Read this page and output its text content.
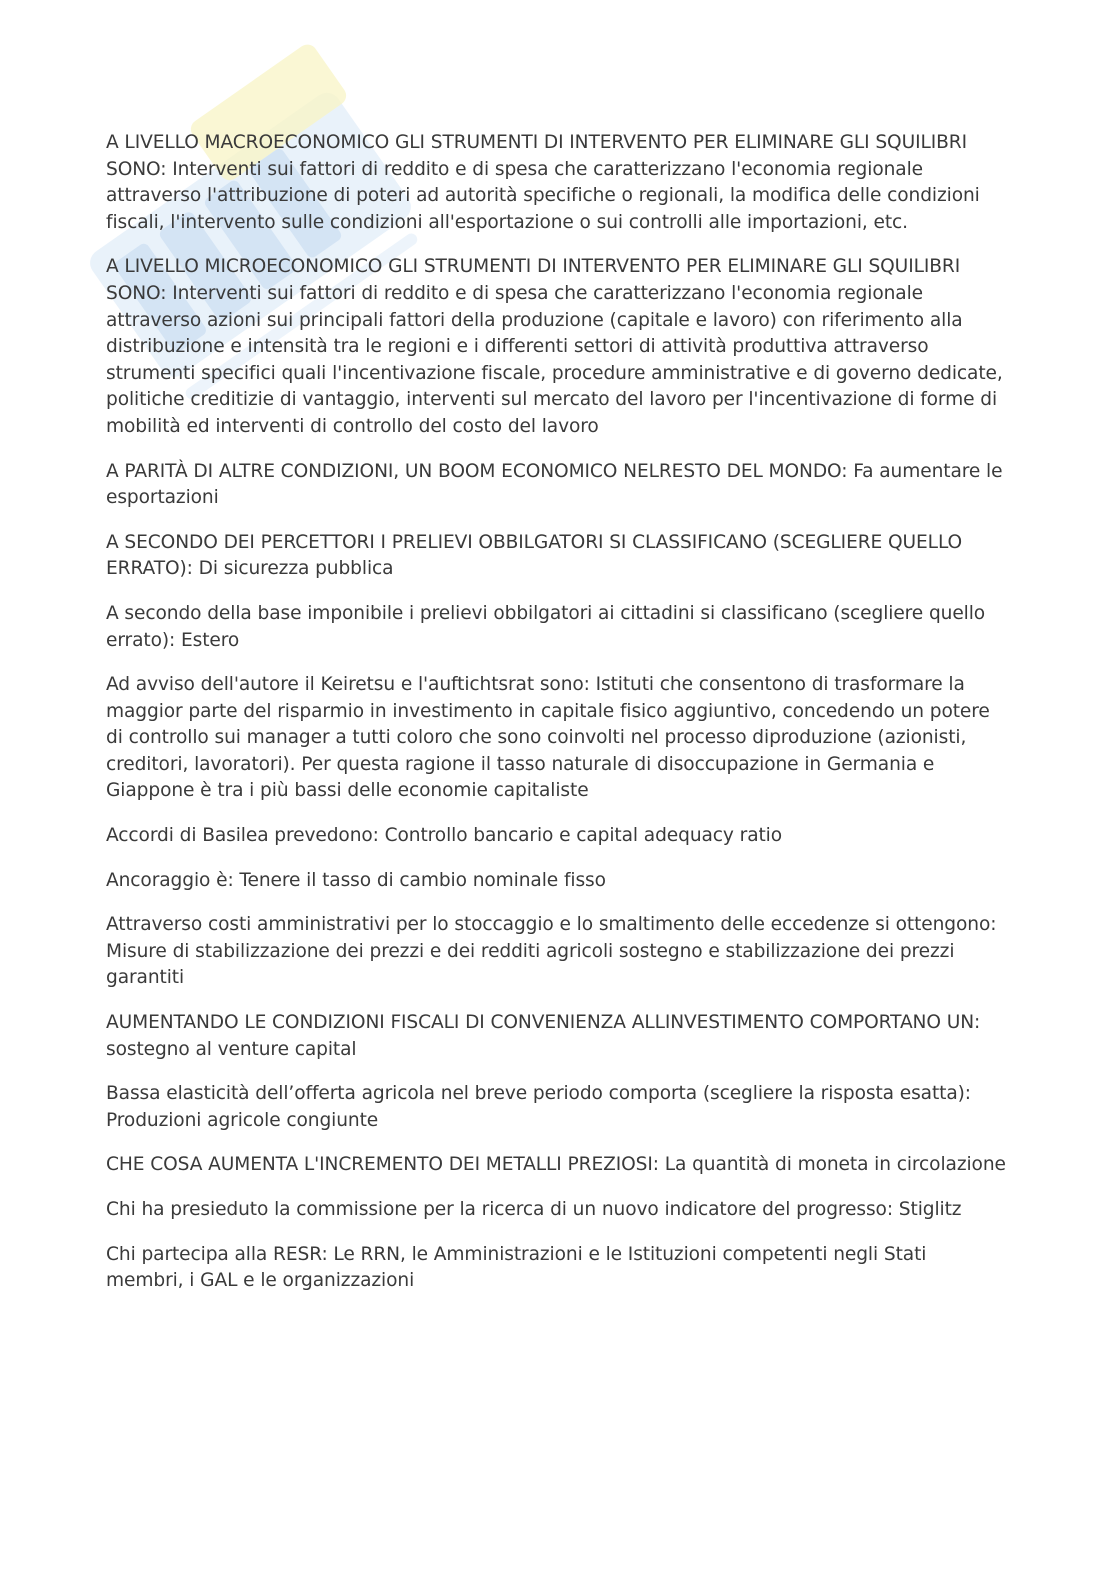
A LIVELLO MACROECONOMICO GLI STRUMENTI DI INTERVENTO PER ELIMINARE GLI SQUILIBRI SONO: Interventi sui fattori di reddito e di spesa che caratterizzano l'economia regionale attraverso l'attribuzione di poteri ad autorità specifiche o regionali, la modifica delle condizioni fiscali, l'intervento sulle condizioni all'esportazione o sui controlli alle importazioni, etc.

A LIVELLO MICROECONOMICO GLI STRUMENTI DI INTERVENTO PER ELIMINARE GLI SQUILIBRI SONO: Interventi sui fattori di reddito e di spesa che caratterizzano l'economia regionale attraverso azioni sui principali fattori della produzione (capitale e lavoro) con riferimento alla distribuzione e intensità tra le regioni e i differenti settori di attività produttiva attraverso strumenti specifici quali l'incentivazione fiscale, procedure amministrative e di governo dedicate, politiche creditizie di vantaggio, interventi sul mercato del lavoro per l'incentivazione di forme di mobilità ed interventi di controllo del costo del lavoro

A PARITÀ DI ALTRE CONDIZIONI, UN BOOM ECONOMICO NELRESTO DEL MONDO: Fa aumentare le esportazioni

A SECONDO DEI PERCETTORI I PRELIEVI OBBILGATORI SI CLASSIFICANO (SCEGLIERE QUELLO ERRATO): Di sicurezza pubblica

A secondo della base imponibile i prelievi obbilgatori ai cittadini si classificano (scegliere quello errato): Estero

Ad avviso dell'autore il Keiretsu e l'auftichtsrat sono: Istituti che consentono di trasformare la maggior parte del risparmio in investimento in capitale fisico aggiuntivo, concedendo un potere di controllo sui manager a tutti coloro che sono coinvolti nel processo diproduzione (azionisti, creditori, lavoratori). Per questa ragione il tasso naturale di disoccupazione in Germania e Giappone è tra i più bassi delle economie capitaliste

Accordi di Basilea prevedono: Controllo bancario e capital adequacy ratio

Ancoraggio è: Tenere il tasso di cambio nominale fisso

Attraverso costi amministrativi per lo stoccaggio e lo smaltimento delle eccedenze si ottengono: Misure di stabilizzazione dei prezzi e dei redditi agricoli sostegno e stabilizzazione dei prezzi garantiti

AUMENTANDO LE CONDIZIONI FISCALI DI CONVENIENZA ALLINVESTIMENTO COMPORTANO UN: sostegno al venture capital

Bassa elasticità dell’offerta agricola nel breve periodo comporta (scegliere la risposta esatta): Produzioni agricole congiunte

CHE COSA AUMENTA L'INCREMENTO DEI METALLI PREZIOSI: La quantità di moneta in circolazione

Chi ha presieduto la commissione per la ricerca di un nuovo indicatore del progresso: Stiglitz

Chi partecipa alla RESR: Le RRN, le Amministrazioni e le Istituzioni competenti negli Stati membri, i GAL e le organizzazioni
